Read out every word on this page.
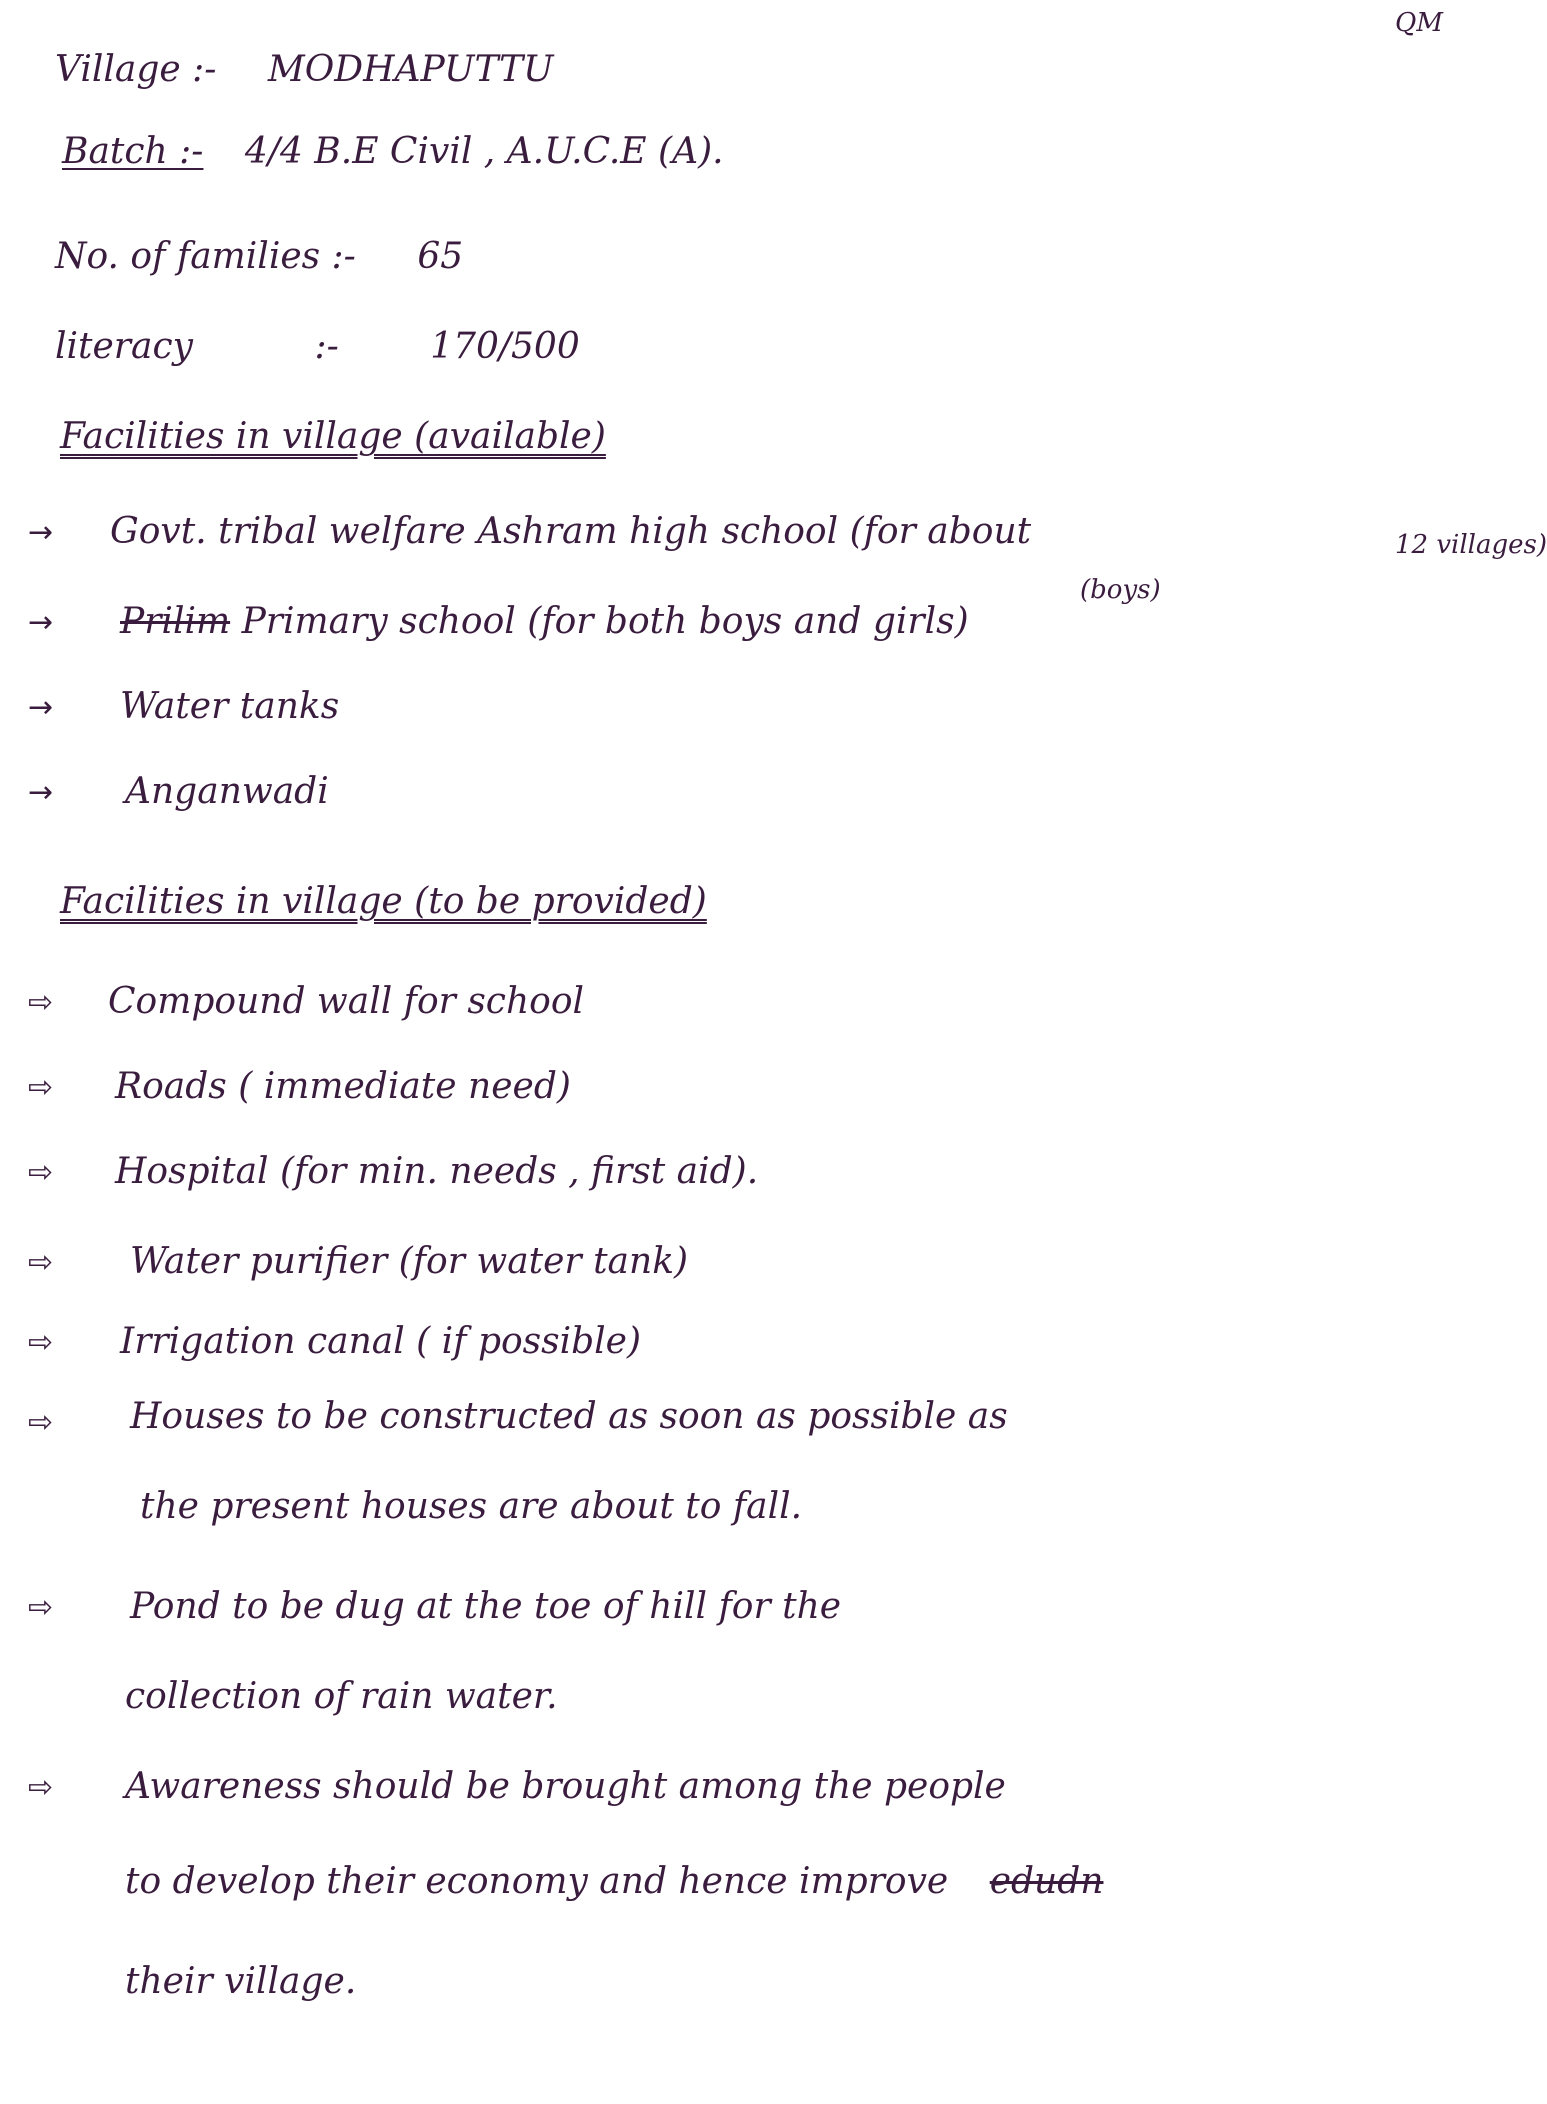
QM
Village :- MODHAPUTTU
Batch :- 4/4 B.E Civil , A.U.C.E (A).
No. of families :- 65
literacy	:-	170/500
Facilities in village (available)
→ Govt. tribal welfare Ashram high school (for about	12 villages)
(boys)
→ Prilim Primary school (for both boys and girls)
→ Water tanks
→ Anganwadi
Facilities in village (to be provided)
⇨ Compound wall for school
⇨ Roads ( immediate need)
⇨ Hospital (for min. needs , first aid).
⇨ Water purifier (for water tank)
⇨ Irrigation canal ( if possible)
⇨ Houses to be constructed as soon as possible as
the present houses are about to fall.
⇨ Pond to be dug at the toe of hill for the
collection of rain water.
⇨ Awareness should be brought among the people
to develop their economy and hence improve edudn
their village.
